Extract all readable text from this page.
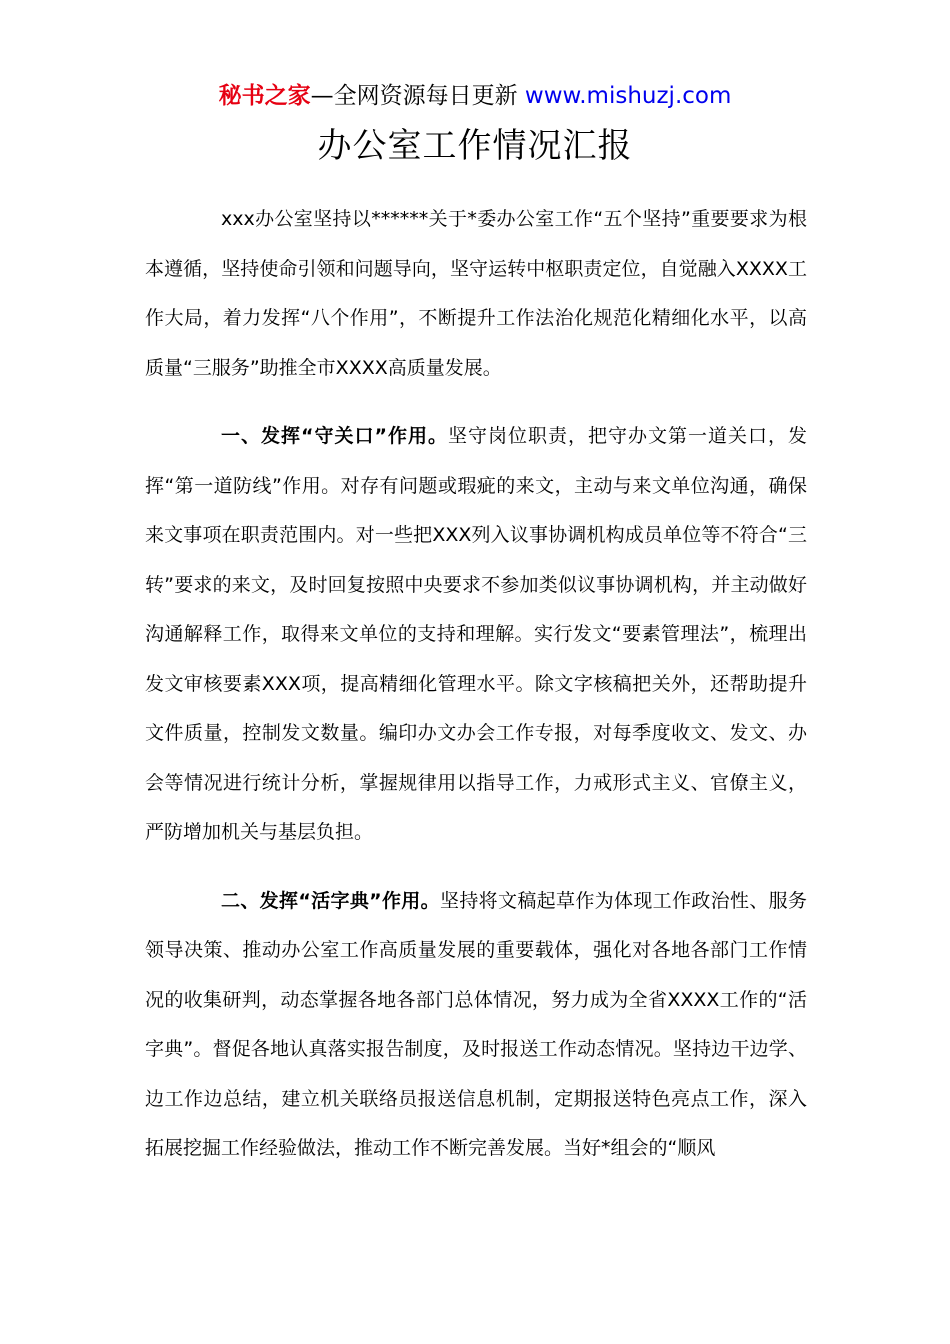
秘书之家—全网资源每日更新 www.mishuzj.com
办公室工作情况汇报

xxx办公室坚持以******关于*委办公室工作“五个坚持”重要要求为根本遵循，坚持使命引领和问题导向，坚守运转中枢职责定位，自觉融入XXXX工作大局，着力发挥“八个作用”，不断提升工作法治化规范化精细化水平，以高质量“三服务”助推全市XXXX高质量发展。

一、发挥“守关口”作用。坚守岗位职责，把守办文第一道关口，发挥“第一道防线”作用。对存有问题或瑕疵的来文，主动与来文单位沟通，确保来文事项在职责范围内。对一些把XXX列入议事协调机构成员单位等不符合“三转”要求的来文，及时回复按照中央要求不参加类似议事协调机构，并主动做好沟通解释工作，取得来文单位的支持和理解。实行发文“要素管理法”，梳理出发文审核要素XXX项，提高精细化管理水平。除文字核稿把关外，还帮助提升文件质量，控制发文数量。编印办文办会工作专报，对每季度收文、发文、办会等情况进行统计分析，掌握规律用以指导工作，力戒形式主义、官僚主义，严防增加机关与基层负担。

二、发挥“活字典”作用。坚持将文稿起草作为体现工作政治性、服务领导决策、推动办公室工作高质量发展的重要载体，强化对各地各部门工作情况的收集研判，动态掌握各地各部门总体情况，努力成为全省XXXX工作的“活字典”。督促各地认真落实报告制度，及时报送工作动态情况。坚持边干边学、边工作边总结，建立机关联络员报送信息机制，定期报送特色亮点工作，深入拓展挖掘工作经验做法，推动工作不断完善发展。当好*组会的“顺风
